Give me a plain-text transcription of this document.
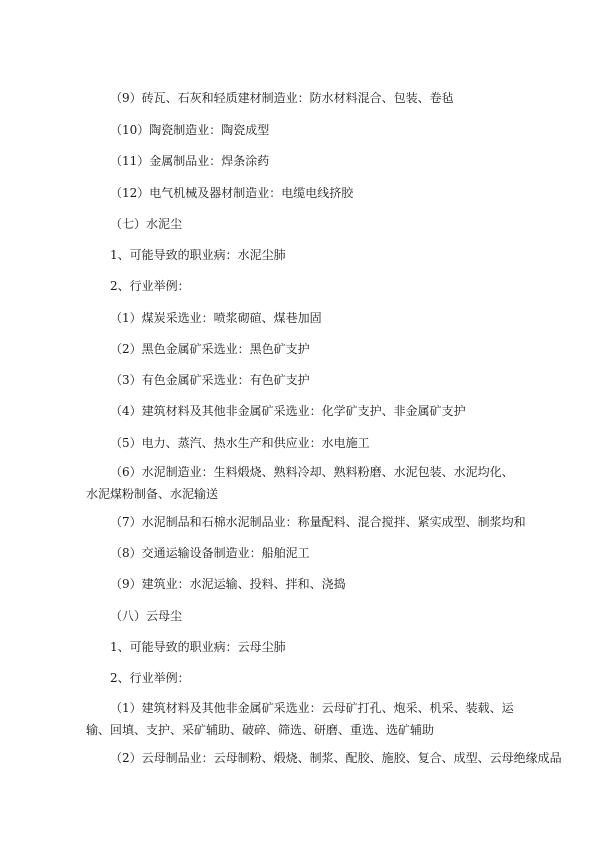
（9）砖瓦、石灰和轻质建材制造业：防水材料混合、包装、卷毡
（10）陶瓷制造业：陶瓷成型
（11）金属制品业：焊条涂药
（12）电气机械及器材制造业：电缆电线挤胶
（七）水泥尘
1、可能导致的职业病：水泥尘肺
2、行业举例：
（1）煤炭采选业：喷浆砌碹、煤巷加固
（2）黑色金属矿采选业：黑色矿支护
（3）有色金属矿采选业：有色矿支护
（4）建筑材料及其他非金属矿采选业：化学矿支护、非金属矿支护
（5）电力、蒸汽、热水生产和供应业：水电施工
（6）水泥制造业：生料煅烧、熟料冷却、熟料粉磨、水泥包装、水泥均化、水泥煤粉制备、水泥输送
（7）水泥制品和石棉水泥制品业：称量配料、混合搅拌、紧实成型、制浆均和
（8）交通运输设备制造业：船舶泥工
（9）建筑业：水泥运输、投料、拌和、浇捣
（八）云母尘
1、可能导致的职业病：云母尘肺
2、行业举例：
（1）建筑材料及其他非金属矿采选业：云母矿打孔、炮采、机采、装载、运输、回填、支护、采矿辅助、破碎、筛选、研磨、重选、选矿辅助
（2）云母制品业：云母制粉、煅烧、制浆、配胶、施胶、复合、成型、云母绝缘成品
